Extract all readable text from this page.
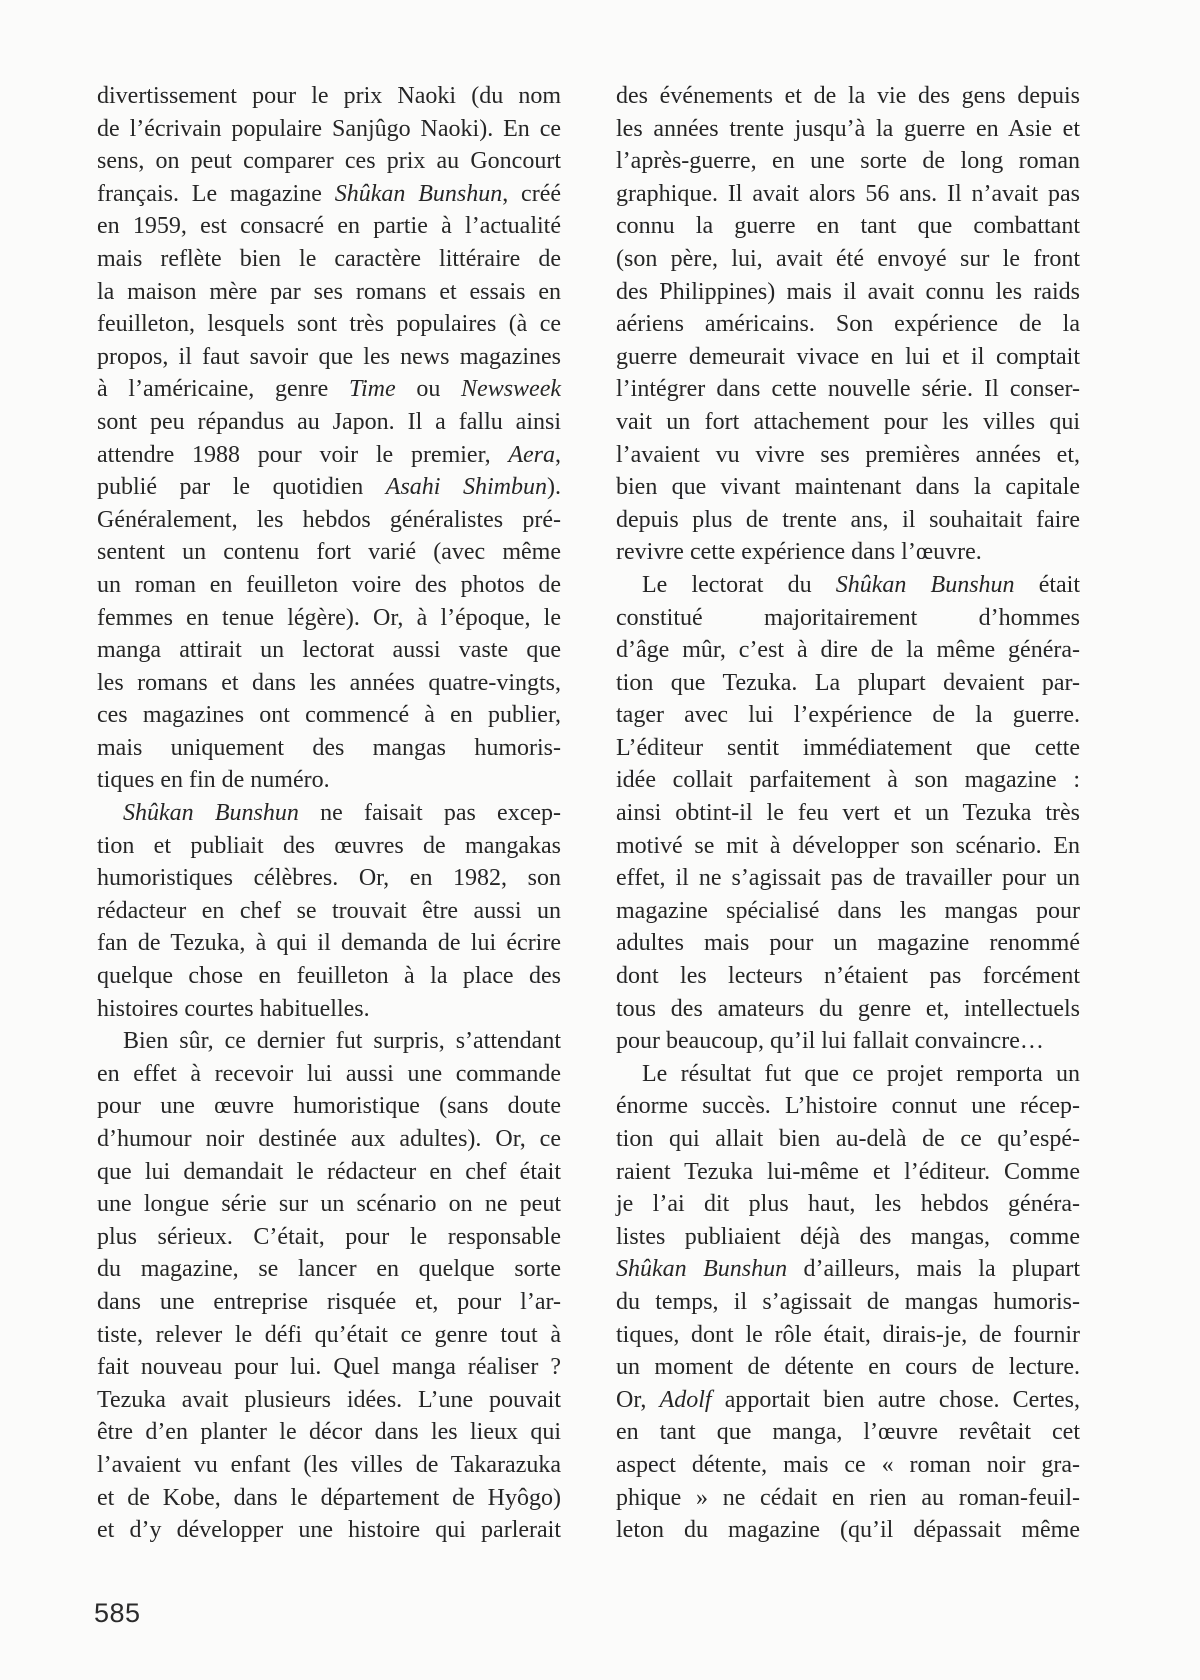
divertissement pour le prix Naoki (du nom
de l’écrivain populaire Sanjûgo Naoki). En ce
sens, on peut comparer ces prix au Goncourt
français. Le magazine Shûkan Bunshun, créé
en 1959, est consacré en partie à l’actualité
mais reflète bien le caractère littéraire de
la maison mère par ses romans et essais en
feuilleton, lesquels sont très populaires (à ce
propos, il faut savoir que les news magazines
à l’américaine, genre Time ou Newsweek
sont peu répandus au Japon. Il a fallu ainsi
attendre 1988 pour voir le premier, Aera,
publié par le quotidien Asahi Shimbun).
Généralement, les hebdos généralistes pré-
sentent un contenu fort varié (avec même
un roman en feuilleton voire des photos de
femmes en tenue légère). Or, à l’époque, le
manga attirait un lectorat aussi vaste que
les romans et dans les années quatre-vingts,
ces magazines ont commencé à en publier,
mais uniquement des mangas humoris-
tiques en fin de numéro.
Shûkan Bunshun ne faisait pas excep-
tion et publiait des œuvres de mangakas
humoristiques célèbres. Or, en 1982, son
rédacteur en chef se trouvait être aussi un
fan de Tezuka, à qui il demanda de lui écrire
quelque chose en feuilleton à la place des
histoires courtes habituelles.
Bien sûr, ce dernier fut surpris, s’attendant
en effet à recevoir lui aussi une commande
pour une œuvre humoristique (sans doute
d’humour noir destinée aux adultes). Or, ce
que lui demandait le rédacteur en chef était
une longue série sur un scénario on ne peut
plus sérieux. C’était, pour le responsable
du magazine, se lancer en quelque sorte
dans une entreprise risquée et, pour l’ar-
tiste, relever le défi qu’était ce genre tout à
fait nouveau pour lui. Quel manga réaliser ?
Tezuka avait plusieurs idées. L’une pouvait
être d’en planter le décor dans les lieux qui
l’avaient vu enfant (les villes de Takarazuka
et de Kobe, dans le département de Hyôgo)
et d’y développer une histoire qui parlerait
des événements et de la vie des gens depuis
les années trente jusqu’à la guerre en Asie et
l’après-guerre, en une sorte de long roman
graphique. Il avait alors 56 ans. Il n’avait pas
connu la guerre en tant que combattant
(son père, lui, avait été envoyé sur le front
des Philippines) mais il avait connu les raids
aériens américains. Son expérience de la
guerre demeurait vivace en lui et il comptait
l’intégrer dans cette nouvelle série. Il conser-
vait un fort attachement pour les villes qui
l’avaient vu vivre ses premières années et,
bien que vivant maintenant dans la capitale
depuis plus de trente ans, il souhaitait faire
revivre cette expérience dans l’œuvre.
Le lectorat du Shûkan Bunshun était
constitué majoritairement d’hommes
d’âge mûr, c’est à dire de la même généra-
tion que Tezuka. La plupart devaient par-
tager avec lui l’expérience de la guerre.
L’éditeur sentit immédiatement que cette
idée collait parfaitement à son magazine :
ainsi obtint-il le feu vert et un Tezuka très
motivé se mit à développer son scénario. En
effet, il ne s’agissait pas de travailler pour un
magazine spécialisé dans les mangas pour
adultes mais pour un magazine renommé
dont les lecteurs n’étaient pas forcément
tous des amateurs du genre et, intellectuels
pour beaucoup, qu’il lui fallait convaincre…
Le résultat fut que ce projet remporta un
énorme succès. L’histoire connut une récep-
tion qui allait bien au-delà de ce qu’espé-
raient Tezuka lui-même et l’éditeur. Comme
je l’ai dit plus haut, les hebdos généra-
listes publiaient déjà des mangas, comme
Shûkan Bunshun d’ailleurs, mais la plupart
du temps, il s’agissait de mangas humoris-
tiques, dont le rôle était, dirais-je, de fournir
un moment de détente en cours de lecture.
Or, Adolf apportait bien autre chose. Certes,
en tant que manga, l’œuvre revêtait cet
aspect détente, mais ce « roman noir gra-
phique » ne cédait en rien au roman-feuil-
leton du magazine (qu’il dépassait même
585
